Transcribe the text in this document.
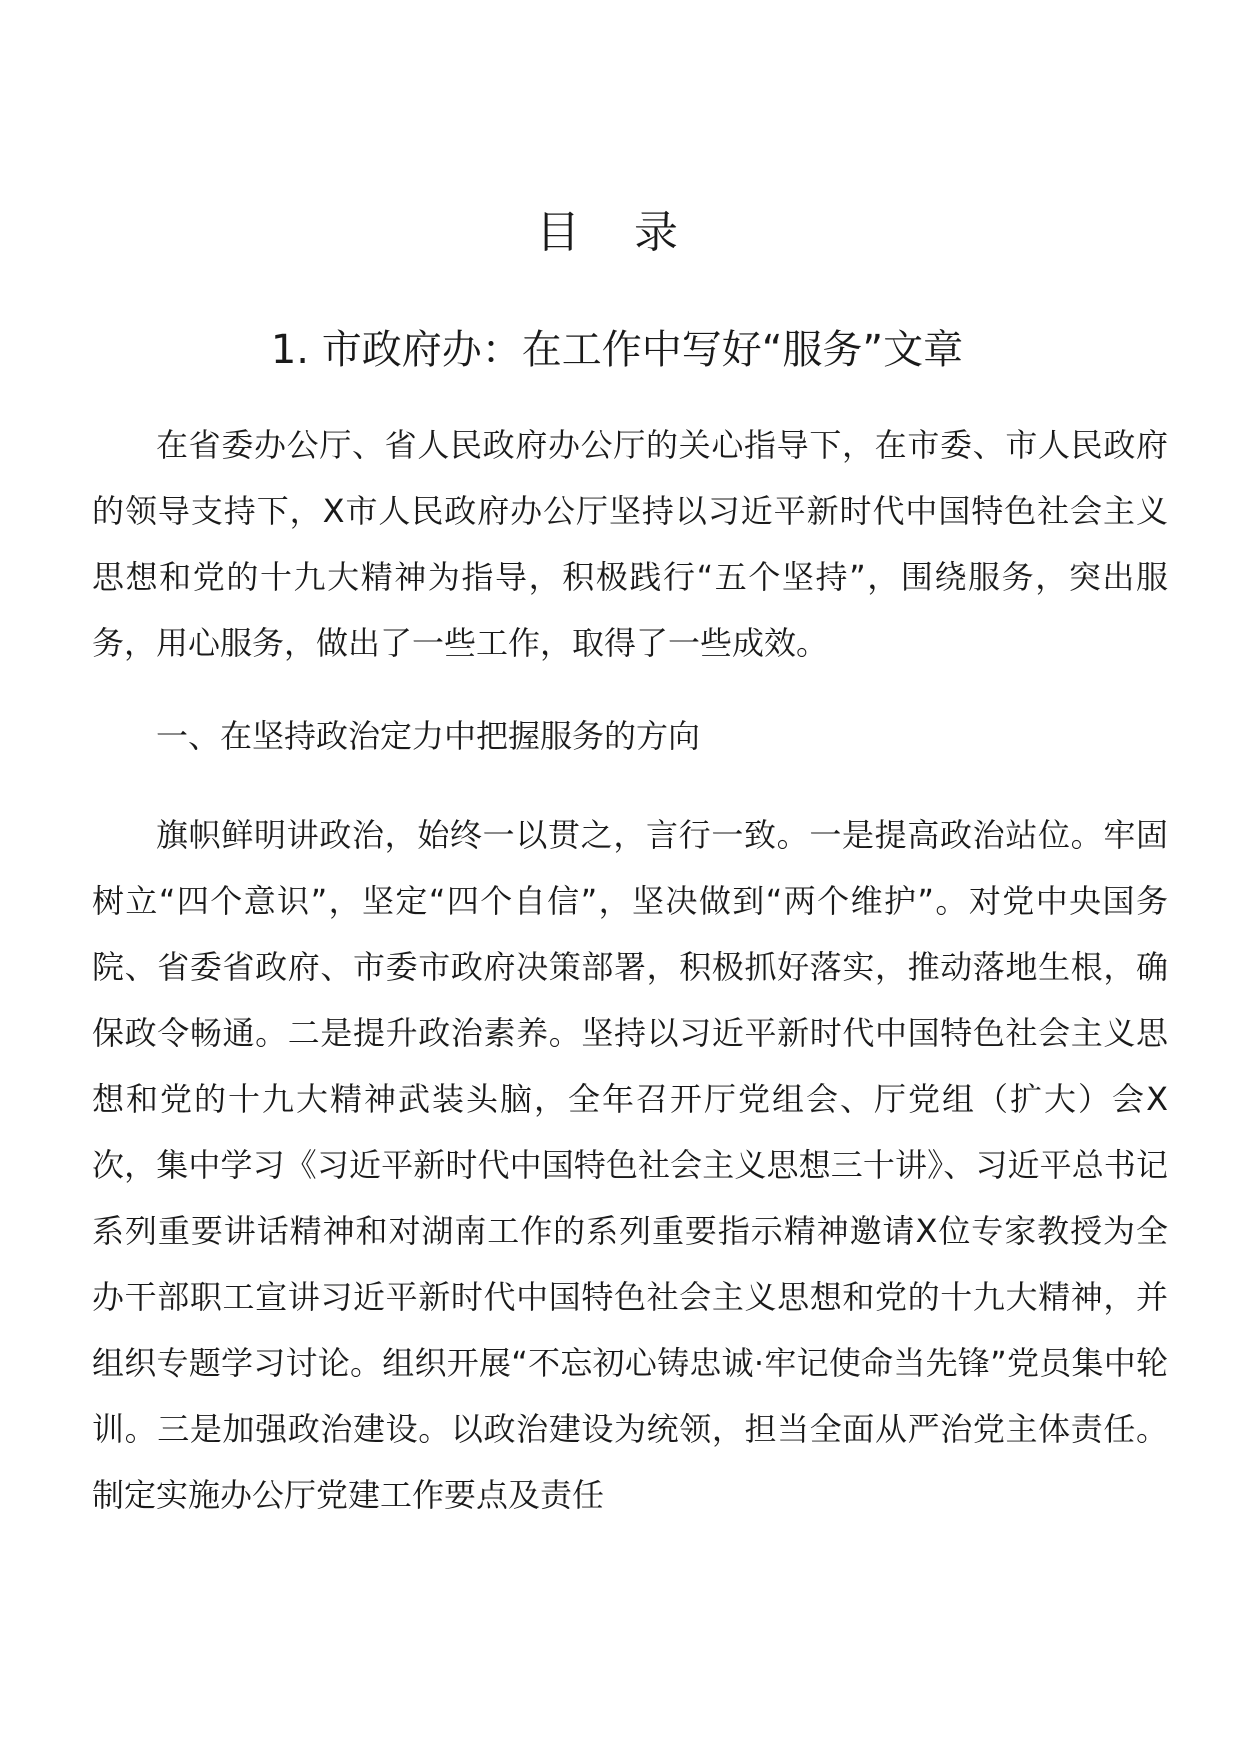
目 录
1. 市政府办：在工作中写好“服务”文章

在省委办公厅、省人民政府办公厅的关心指导下，在市委、市人民政府的领导支持下，X市人民政府办公厅坚持以习近平新时代中国特色社会主义思想和党的十九大精神为指导，积极践行“五个坚持”，围绕服务，突出服务，用心服务，做出了一些工作，取得了一些成效。

一、在坚持政治定力中把握服务的方向

旗帜鲜明讲政治，始终一以贯之，言行一致。一是提高政治站位。牢固树立“四个意识”，坚定“四个自信”，坚决做到“两个维护”。对党中央国务院、省委省政府、市委市政府决策部署，积极抓好落实，推动落地生根，确保政令畅通。二是提升政治素养。坚持以习近平新时代中国特色社会主义思想和党的十九大精神武装头脑，全年召开厅党组会、厅党组（扩大）会X次，集中学习《习近平新时代中国特色社会主义思想三十讲》、习近平总书记系列重要讲话精神和对湖南工作的系列重要指示精神邀请X位专家教授为全办干部职工宣讲习近平新时代中国特色社会主义思想和党的十九大精神，并组织专题学习讨论。组织开展“不忘初心铸忠诚·牢记使命当先锋”党员集中轮训。三是加强政治建设。以政治建设为统领，担当全面从严治党主体责任。制定实施办公厅党建工作要点及责任
